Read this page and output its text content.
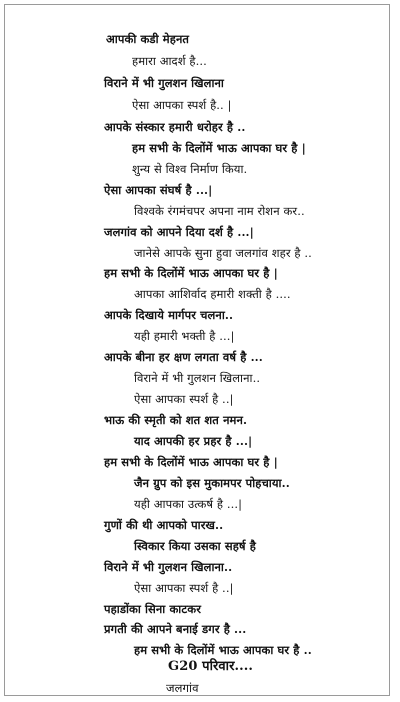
आपकी कडी मेहनत
हमारा आदर्श है...
विराने में भी गुलशन खिलाना
ऐसा आपका स्पर्श है.. |
आपके संस्कार हमारी धरोहर है ..
हम सभी के दिलोंमें भाऊ आपका घर है |
शुन्य से विश्व निर्माण किया.
ऐसा आपका संघर्ष है ...|
विश्वके रंगमंचपर अपना नाम रोशन कर..
जलगांव को आपने दिया दर्श है ...|
जानेसे आपके सुना हुवा जलगांव शहर है ..
हम सभी के दिलोंमें भाऊ आपका घर है |
आपका आशिर्वाद हमारी शक्ती है ....
आपके दिखाये मार्गपर चलना..
यही हमारी भक्ती है ...|
आपके बीना हर क्षण लगता वर्ष है ...
विराने में भी गुलशन खिलाना..
ऐसा आपका स्पर्श है ..|
भाऊ की स्मृती को शत शत नमन.
याद आपकी हर प्रहर है ...|
हम सभी के दिलोंमें भाऊ आपका घर है |
जैन ग्रुप को इस मुकामपर पोहचाया..
यही आपका उत्कर्ष है ...|
गुणों की थी आपको पारख..
स्विकार किया उसका सहर्ष है
विराने में भी गुलशन खिलाना..
ऐसा आपका स्पर्श है ..|
पहाडोंका सिना काटकर
प्रगती की आपने बनाई डगर है ...
हम सभी के दिलोंमें भाऊ आपका घर है ..
G20 परिवार....
जलगांव
